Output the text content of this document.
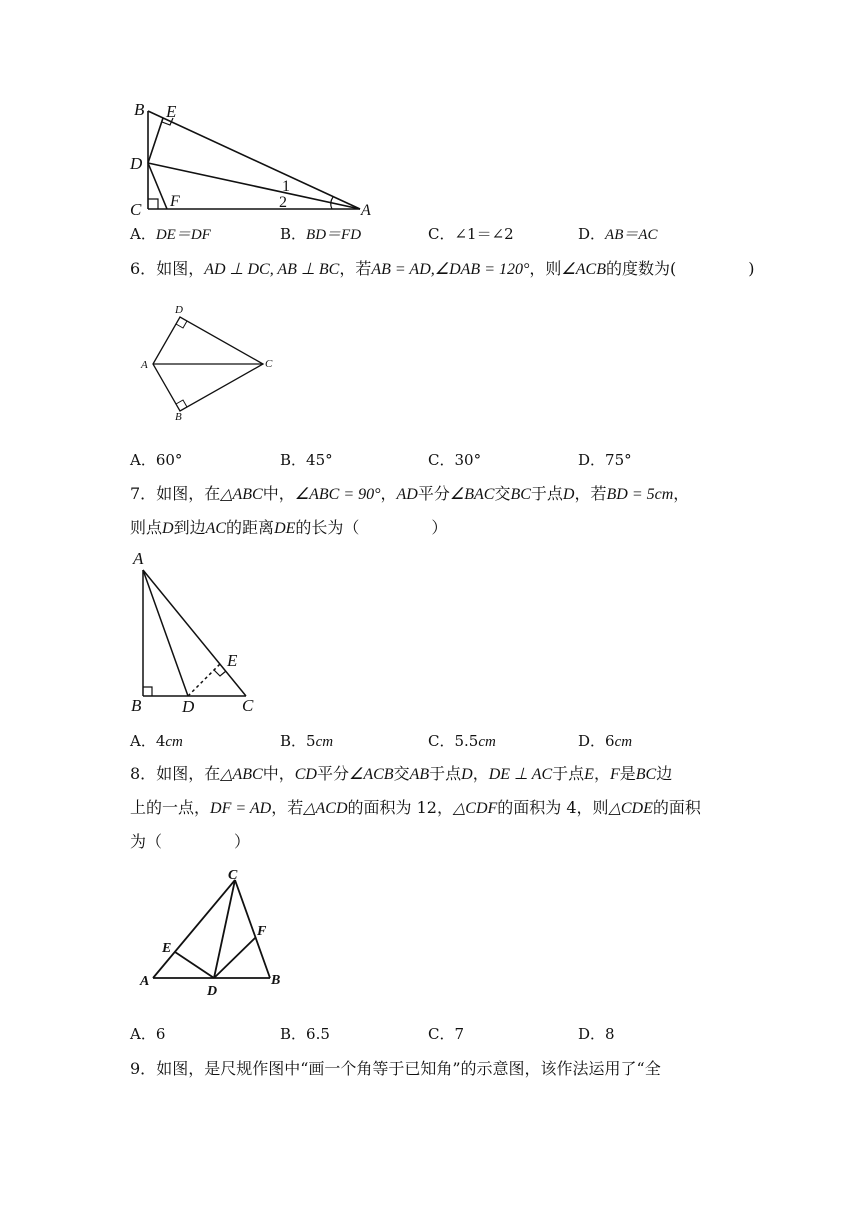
B E
D
C F
A
1
2
A．DE＝DF	B．BD＝FD	C．∠1＝∠2	D．AB＝AC
6．如图，AD ⊥ DC, AB ⊥ BC，若AB = AD,∠DAB = 120°，则∠ACB的度数为(	)
D
A	C
B
A．60°	B．45°	C．30°	D．75°
7．如图，在△ABC中，∠ABC = 90°，AD平分∠BAC交BC于点D，若BD = 5cm，
则点D到边AC的距离DE的长为（	）
A
E
B D	C
A．4cm	B．5cm	C．5.5cm	D．6cm
8．如图，在△ABC中，CD平分∠ACB交AB于点D，DE ⊥ AC于点E，F是BC边
上的一点，DF = AD，若△ACD的面积为 12，△CDF的面积为 4，则△CDE的面积
为（	）
C
F
E
A
D
B
A．6	B．6.5	C．7	D．8
9．如图，是尺规作图中“画一个角等于已知角”的示意图，该作法运用了“全
